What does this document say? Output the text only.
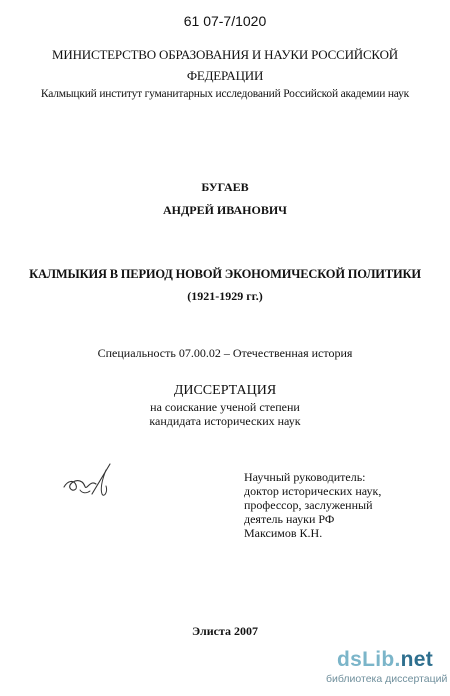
61 07-7/1020
МИНИСТЕРСТВО ОБРАЗОВАНИЯ И НАУКИ РОССИЙСКОЙ
ФЕДЕРАЦИИ
Калмыцкий институт гуманитарных исследований Российской академии наук
БУГАЕВ
АНДРЕЙ ИВАНОВИЧ
КАЛМЫКИЯ В ПЕРИОД НОВОЙ ЭКОНОМИЧЕСКОЙ ПОЛИТИКИ
(1921-1929 гг.)
Специальность 07.00.02 – Отечественная история
ДИССЕРТАЦИЯ
на соискание ученой степени
кандидата исторических наук
Научный руководитель:
доктор исторических наук,
профессор, заслуженный
деятель науки РФ
Максимов К.Н.
Элиста 2007
dsLib.net
библиотека диссертаций
